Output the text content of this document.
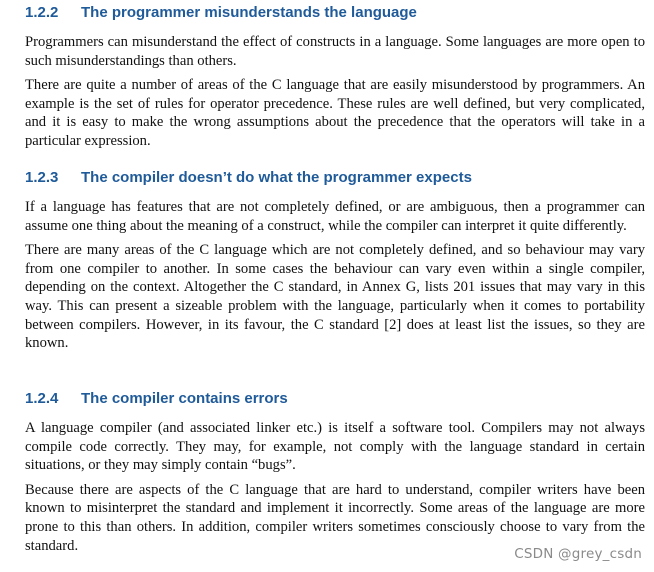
1.2.2 The programmer misunderstands the language

Programmers can misunderstand the effect of constructs in a language. Some languages are more open to such misunderstandings than others.

There are quite a number of areas of the C language that are easily misunderstood by programmers. An example is the set of rules for operator precedence. These rules are well defined, but very complicated, and it is easy to make the wrong assumptions about the precedence that the operators will take in a particular expression.

1.2.3 The compiler doesn’t do what the programmer expects

If a language has features that are not completely defined, or are ambiguous, then a programmer can assume one thing about the meaning of a construct, while the compiler can interpret it quite differently.

There are many areas of the C language which are not completely defined, and so behaviour may vary from one compiler to another. In some cases the behaviour can vary even within a single compiler, depending on the context. Altogether the C standard, in Annex G, lists 201 issues that may vary in this way. This can present a sizeable problem with the language, particularly when it comes to portability between compilers. However, in its favour, the C standard [2] does at least list the issues, so they are known.

1.2.4 The compiler contains errors

A language compiler (and associated linker etc.) is itself a software tool. Compilers may not always compile code correctly. They may, for example, not comply with the language standard in certain situations, or they may simply contain “bugs”.

Because there are aspects of the C language that are hard to understand, compiler writers have been known to misinterpret the standard and implement it incorrectly. Some areas of the language are more prone to this than others. In addition, compiler writers sometimes consciously choose to vary from the standard.

CSDN @grey_csdn
